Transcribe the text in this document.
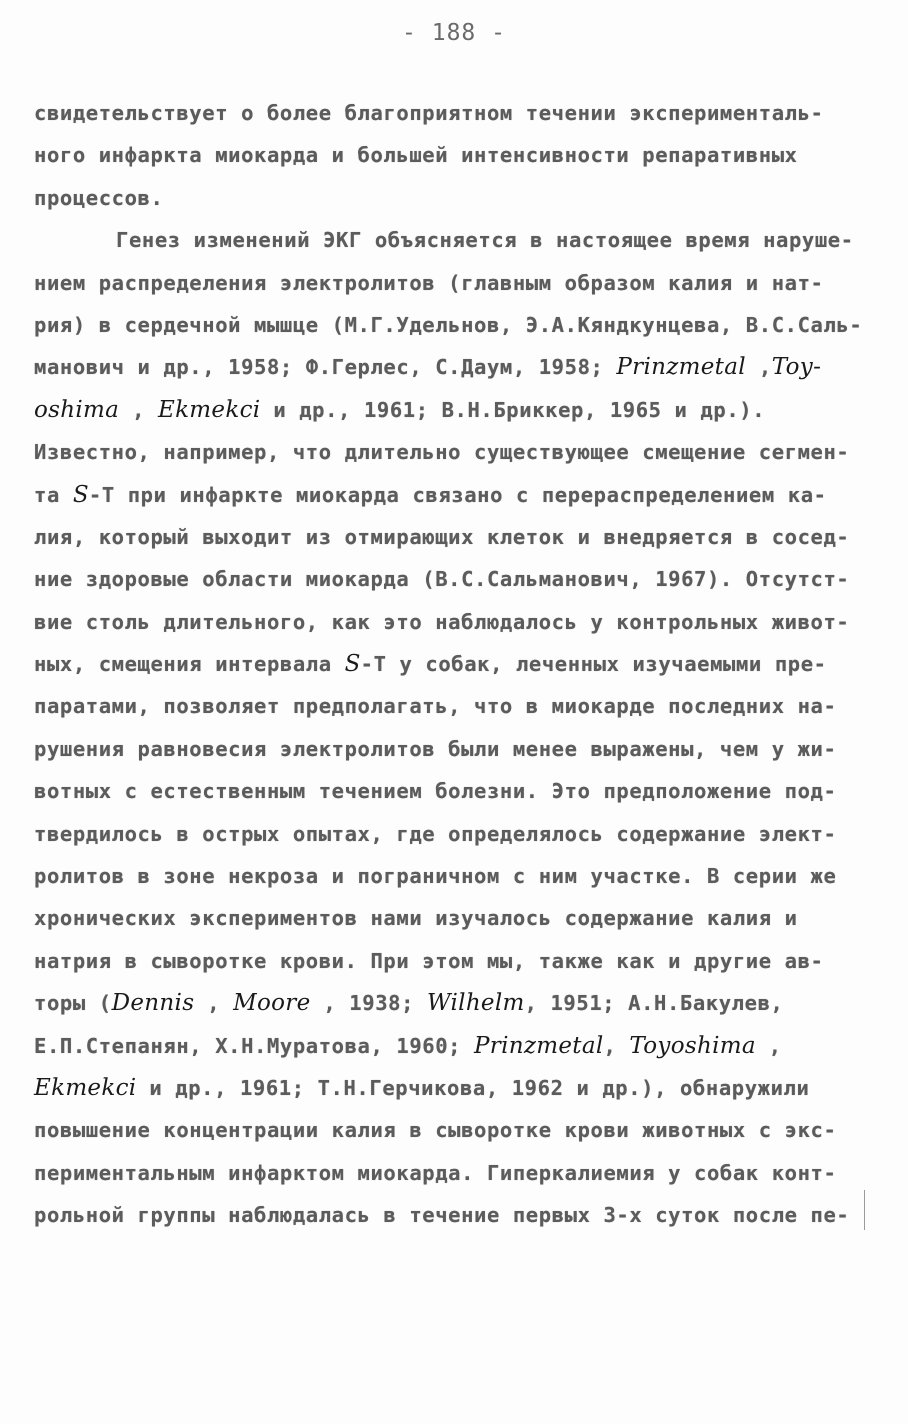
- 188 -
свидетельствует о более благоприятном течении эксперименталь-
ного инфаркта миокарда и большей интенсивности репаративных
процессов.
Генез изменений ЭКГ объясняется в настоящее время наруше-
нием распределения электролитов (главным образом калия и нат-
рия) в сердечной мышце (М.Г.Удельнов, Э.А.Кяндкунцева, В.С.Саль-
манович и др., 1958; Ф.Герлес, С.Даум, 1958; Prinzmetal ,Toy-
oshima , Ekmekci и др., 1961; В.Н.Бриккер, 1965 и др.).
Известно, например, что длительно существующее смещение сегмен-
та S-T при инфаркте миокарда связано с перераспределением ка-
лия, который выходит из отмирающих клеток и внедряется в сосед-
ние здоровые области миокарда (В.С.Сальманович, 1967). Отсутст-
вие столь длительного, как это наблюдалось у контрольных живот-
ных, смещения интервала S-T у собак, леченных изучаемыми пре-
паратами, позволяет предполагать, что в миокарде последних на-
рушения равновесия электролитов были менее выражены, чем у жи-
вотных с естественным течением болезни. Это предположение под-
твердилось в острых опытах, где определялось содержание элект-
ролитов в зоне некроза и пограничном с ним участке. В серии же
хронических экспериментов нами изучалось содержание калия и
натрия в сыворотке крови. При этом мы, также как и другие ав-
торы (Dennis , Moore , 1938; Wilhelm, 1951; А.Н.Бакулев,
Е.П.Степанян, Х.Н.Муратова, 1960; Prinzmetal, Toyoshima ,
Ekmekci и др., 1961; Т.Н.Герчикова, 1962 и др.), обнаружили
повышение концентрации калия в сыворотке крови животных с экс-
периментальным инфарктом миокарда. Гиперкалиемия у собак конт-
рольной группы наблюдалась в течение первых 3-х суток после пе-
